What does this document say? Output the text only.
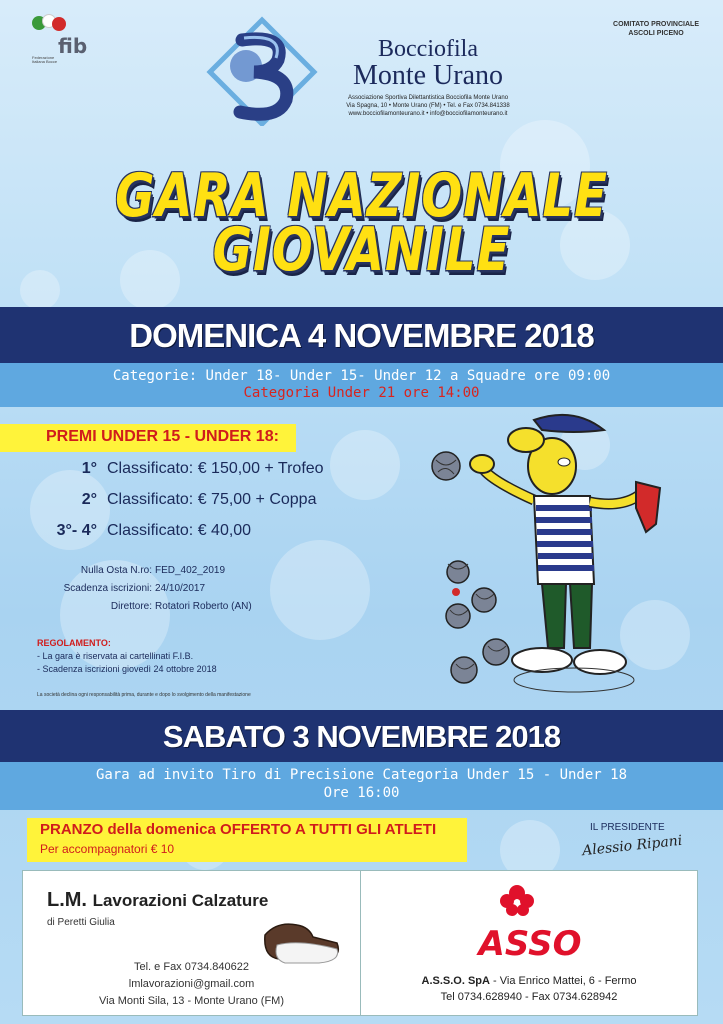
fib
Federazione Italiana Bocce	Bocciofila
Monte Urano
Associazione Sportiva Dilettantistica Bocciofila Monte Urano
Via Spagna, 10 • Monte Urano (FM) • Tel. e Fax 0734.841338
www.bocciofilamonteurano.it • info@bocciofilamonteurano.it
COMITATO PROVINCIALE
ASCOLI PICENO
GARA NAZIONALE
GIOVANILE
DOMENICA 4 NOVEMBRE 2018
Categorie: Under 18- Under 15- Under 12 a Squadre ore 09:00
Categoria Under 21 ore 14:00
PREMI UNDER 15 - UNDER 18:
1° Classificato: € 150,00 + Trofeo
2° Classificato: € 75,00 + Coppa
3°- 4° Classificato: € 40,00
Nulla Osta N.ro: FED_402_2019
Scadenza iscrizioni: 24/10/2017
Direttore: Rotatori Roberto (AN)
REGOLAMENTO:
- La gara è riservata ai cartellinati F.I.B.
- Scadenza iscrizioni giovedì 24 ottobre 2018
La società declina ogni responsabilità prima, durante e dopo lo svolgimento della manifestazione
SABATO 3 NOVEMBRE 2018
Gara ad invito Tiro di Precisione Categoria Under 15 - Under 18
Ore 16:00
PRANZO della domenica OFFERTO A TUTTI GLI ATLETI
Per accompagnatori € 10
IL PRESIDENTE
Alessio Ripani
L.M. Lavorazioni Calzature
di Peretti Giulia
Tel. e Fax 0734.840622
lmlavorazioni@gmail.com
Via Monti Sila, 13 - Monte Urano (FM)
ASSO
A.S.S.O. SpA - Via Enrico Mattei, 6 - Fermo
Tel 0734.628940 - Fax 0734.628942
